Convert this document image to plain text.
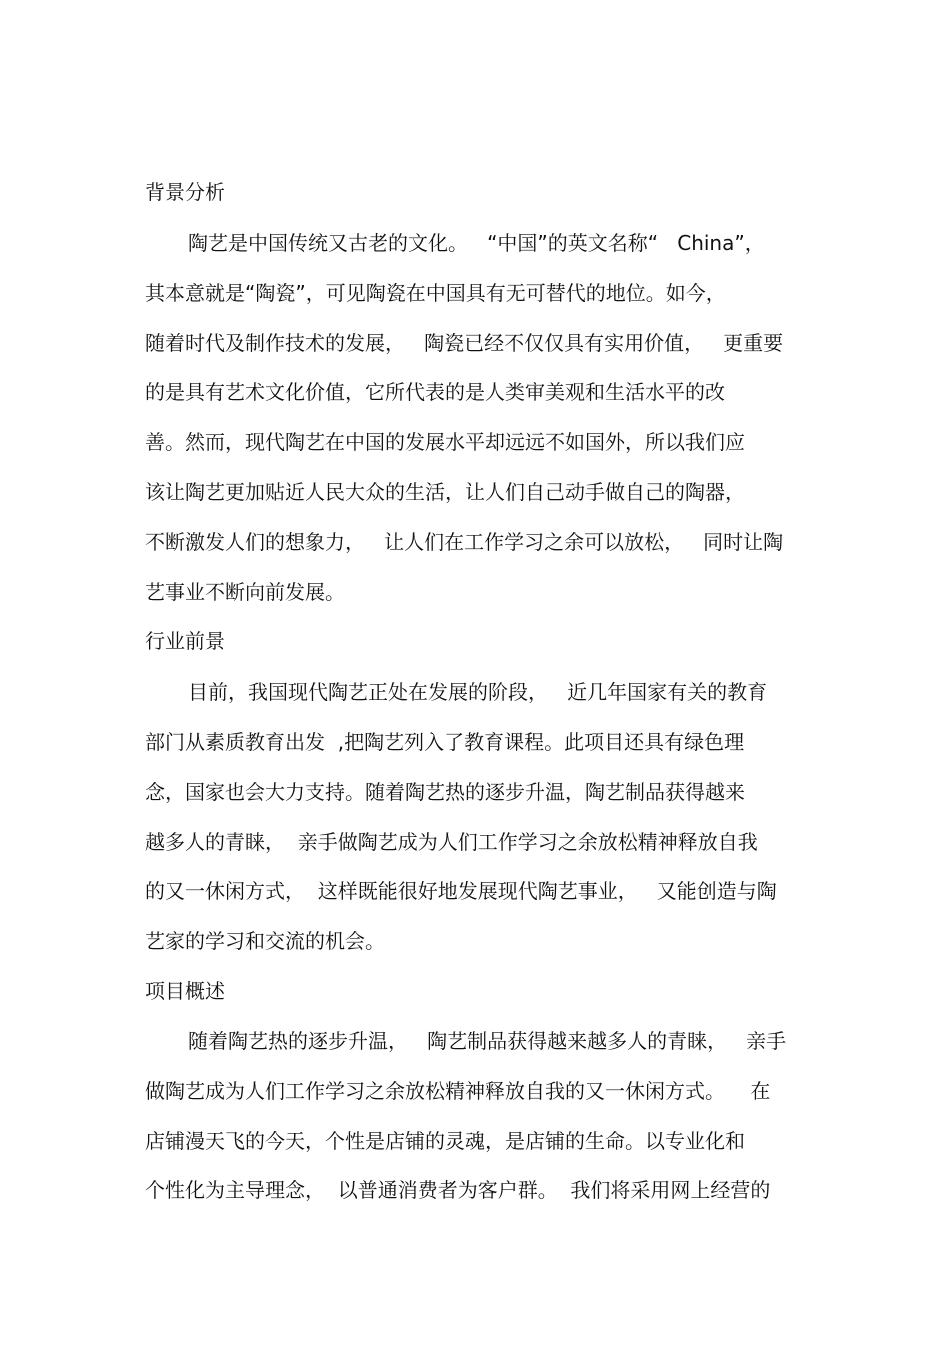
背景分析
陶艺是中国传统又古老的文化。   “中国”的英文名称“   China”，
其本意就是“陶瓷”，可见陶瓷在中国具有无可替代的地位。如今，
随着时代及制作技术的发展，   陶瓷已经不仅仅具有实用价值，   更重要
的是具有艺术文化价值，它所代表的是人类审美观和生活水平的改
善。然而，现代陶艺在中国的发展水平却远远不如国外，所以我们应
该让陶艺更加贴近人民大众的生活，让人们自己动手做自己的陶器，
不断激发人们的想象力，   让人们在工作学习之余可以放松，   同时让陶
艺事业不断向前发展。
行业前景
目前，我国现代陶艺正处在发展的阶段，   近几年国家有关的教育
部门从素质教育出发  ,把陶艺列入了教育课程。此项目还具有绿色理
念，国家也会大力支持。随着陶艺热的逐步升温，陶艺制品获得越来
越多人的青睐，  亲手做陶艺成为人们工作学习之余放松精神释放自我
的又一休闲方式，  这样既能很好地发展现代陶艺事业，   又能创造与陶
艺家的学习和交流的机会。
项目概述
随着陶艺热的逐步升温，   陶艺制品获得越来越多人的青睐，   亲手
做陶艺成为人们工作学习之余放松精神释放自我的又一休闲方式。    在
店铺漫天飞的今天，个性是店铺的灵魂，是店铺的生命。以专业化和
个性化为主导理念，  以普通消费者为客户群。  我们将采用网上经营的
